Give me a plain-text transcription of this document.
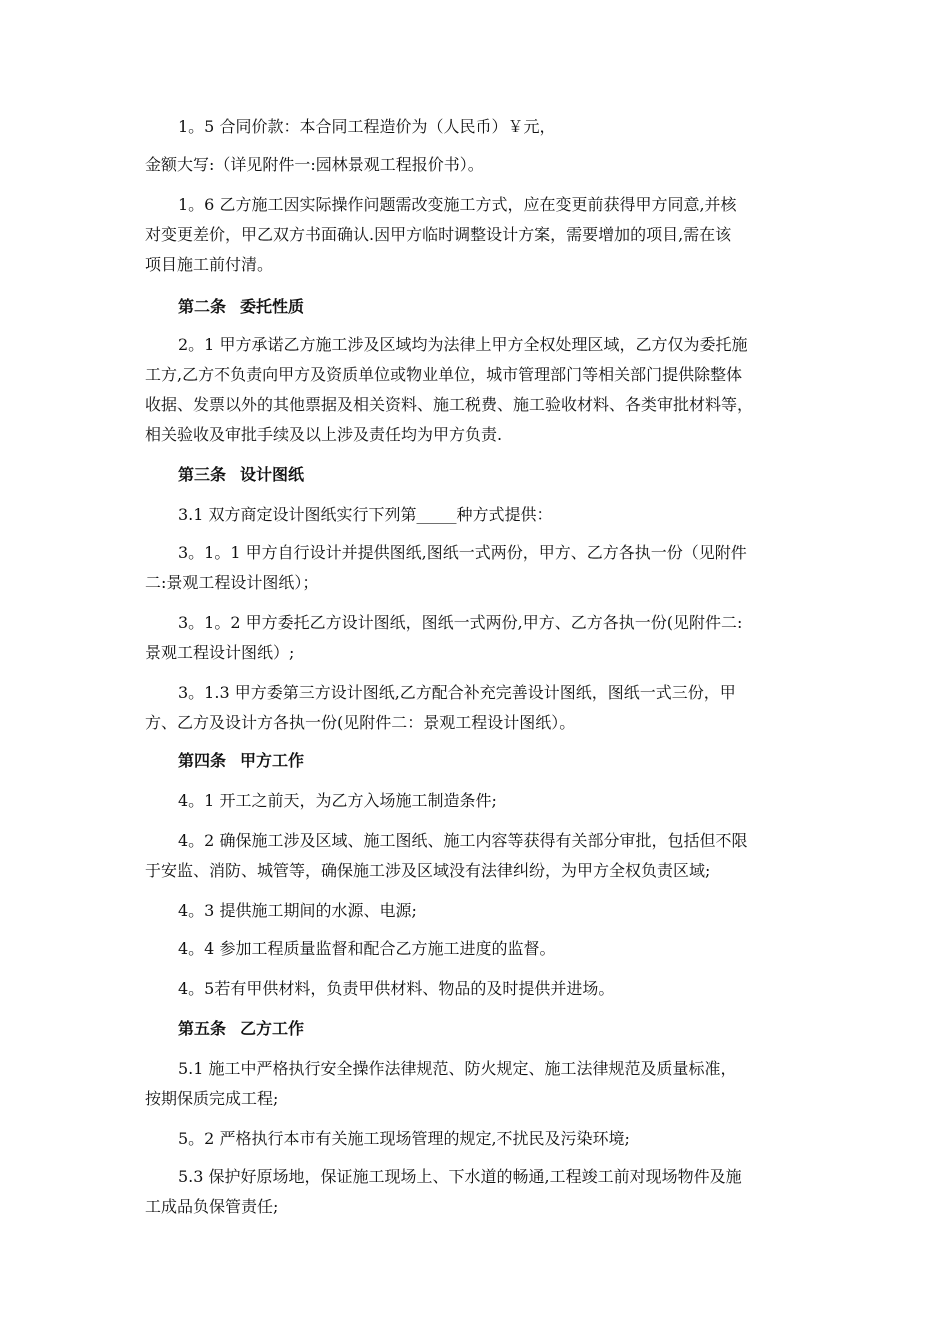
1。5 合同价款：本合同工程造价为（人民币）￥元，

金额大写:（详见附件一:园林景观工程报价书）。

1。6 乙方施工因实际操作问题需改变施工方式，应在变更前获得甲方同意,并核
对变更差价，甲乙双方书面确认.因甲方临时调整设计方案，需要增加的项目,需在该
项目施工前付清。

第二条 委托性质

2。1 甲方承诺乙方施工涉及区域均为法律上甲方全权处理区域，乙方仅为委托施
工方,乙方不负责向甲方及资质单位或物业单位，城市管理部门等相关部门提供除整体
收据、发票以外的其他票据及相关资料、施工税费、施工验收材料、各类审批材料等，
相关验收及审批手续及以上涉及责任均为甲方负责.

第三条 设计图纸

3.1 双方商定设计图纸实行下列第_____种方式提供：

3。1。1 甲方自行设计并提供图纸,图纸一式两份，甲方、乙方各执一份（见附件
二:景观工程设计图纸）；

3。1。2 甲方委托乙方设计图纸，图纸一式两份,甲方、乙方各执一份(见附件二:
景观工程设计图纸）;

3。1.3 甲方委第三方设计图纸,乙方配合补充完善设计图纸，图纸一式三份，甲
方、乙方及设计方各执一份(见附件二：景观工程设计图纸）。

第四条 甲方工作

4。1 开工之前天，为乙方入场施工制造条件;

4。2 确保施工涉及区域、施工图纸、施工内容等获得有关部分审批，包括但不限
于安监、消防、城管等，确保施工涉及区域没有法律纠纷，为甲方全权负责区域;

4。3 提供施工期间的水源、电源;

4。4 参加工程质量监督和配合乙方施工进度的监督。

4。5若有甲供材料，负责甲供材料、物品的及时提供并进场。

第五条 乙方工作

5.1 施工中严格执行安全操作法律规范、防火规定、施工法律规范及质量标准，
按期保质完成工程;

5。2 严格执行本市有关施工现场管理的规定,不扰民及污染环境;

5.3 保护好原场地，保证施工现场上、下水道的畅通,工程竣工前对现场物件及施
工成品负保管责任;
